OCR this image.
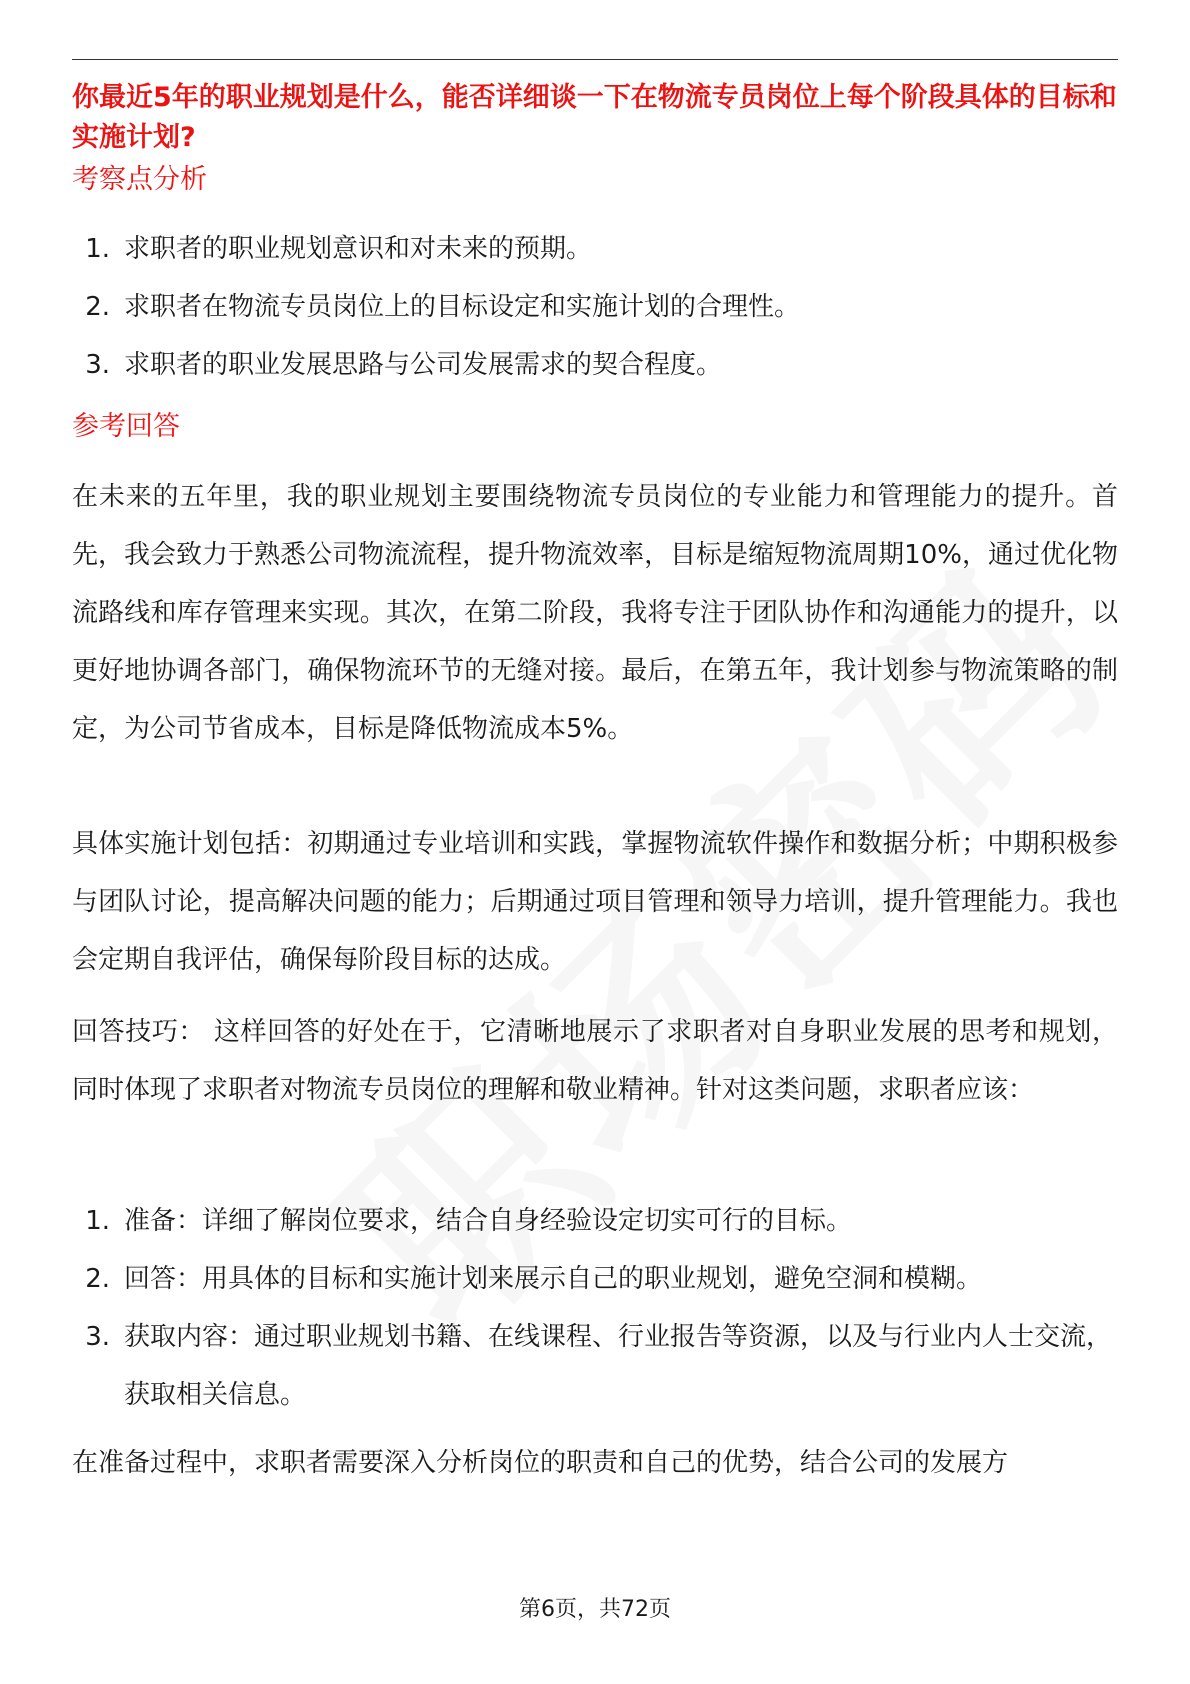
你最近5年的职业规划是什么，能否详细谈一下在物流专员岗位上每个阶段具体的目标和实施计划?
考察点分析
1. 求职者的职业规划意识和对未来的预期。
2. 求职者在物流专员岗位上的目标设定和实施计划的合理性。
3. 求职者的职业发展思路与公司发展需求的契合程度。
参考回答

在未来的五年里，我的职业规划主要围绕物流专员岗位的专业能力和管理能力的提升。首先，我会致力于熟悉公司物流流程，提升物流效率，目标是缩短物流周期10%，通过优化物流路线和库存管理来实现。其次，在第二阶段，我将专注于团队协作和沟通能力的提升，以更好地协调各部门，确保物流环节的无缝对接。最后，在第五年，我计划参与物流策略的制定，为公司节省成本，目标是降低物流成本5%。

具体实施计划包括：初期通过专业培训和实践，掌握物流软件操作和数据分析；中期积极参与团队讨论，提高解决问题的能力；后期通过项目管理和领导力培训，提升管理能力。我也会定期自我评估，确保每阶段目标的达成。

回答技巧： 这样回答的好处在于，它清晰地展示了求职者对自身职业发展的思考和规划，同时体现了求职者对物流专员岗位的理解和敬业精神。针对这类问题，求职者应该：

1. 准备：详细了解岗位要求，结合自身经验设定切实可行的目标。
2. 回答：用具体的目标和实施计划来展示自己的职业规划，避免空洞和模糊。
3. 获取内容：通过职业规划书籍、在线课程、行业报告等资源，以及与行业内人士交流，获取相关信息。

在准备过程中，求职者需要深入分析岗位的职责和自己的优势，结合公司的发展方

第6页，共72页
